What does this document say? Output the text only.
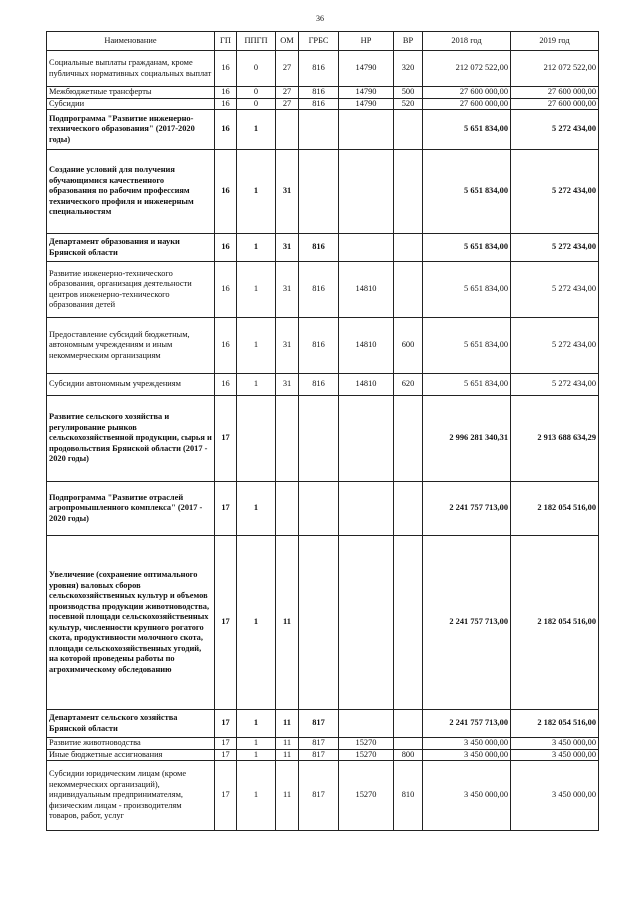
36
Наименование	ГП	ППГП	ОМ	ГРБС	НР	ВР	2018 год	2019 год
Социальные выплаты гражданам, кроме публичных нормативных социальных выплат	16	0	27	816	14790	320	212 072 522,00	212 072 522,00
Межбюджетные трансферты	16	0	27	816	14790	500	27 600 000,00	27 600 000,00
Субсидии	16	0	27	816	14790	520	27 600 000,00	27 600 000,00
Подпрограмма "Развитие инженерно-технического образования" (2017-2020 годы)	16	1					5 651 834,00	5 272 434,00
Создание условий для получения обучающимися качественного образования по рабочим профессиям технического профиля и инженерным специальностям	16	1	31				5 651 834,00	5 272 434,00
Департамент образования и науки Брянской области	16	1	31	816			5 651 834,00	5 272 434,00
Развитие инженерно-технического образования, организация деятельности центров инженерно-технического образования детей	16	1	31	816	14810		5 651 834,00	5 272 434,00
Предоставление субсидий бюджетным, автономным учреждениям и иным некоммерческим организациям	16	1	31	816	14810	600	5 651 834,00	5 272 434,00
Субсидии автономным учреждениям	16	1	31	816	14810	620	5 651 834,00	5 272 434,00
Развитие сельского хозяйства и регулирование рынков сельскохозяйственной продукции, сырья и продовольствия Брянской области (2017 - 2020 годы)	17						2 996 281 340,31	2 913 688 634,29
Подпрограмма "Развитие отраслей агропромышленного комплекса" (2017 - 2020 годы)	17	1					2 241 757 713,00	2 182 054 516,00
Увеличение (сохранение оптимального уровня) валовых сборов сельскохозяйственных культур и объемов производства продукции животноводства, посевной площади сельскохозяйственных культур, численности крупного рогатого скота, продуктивности молочного скота, площади сельскохозяйственных угодий, на которой проведены работы по агрохимическому обследованию	17	1	11				2 241 757 713,00	2 182 054 516,00
Департамент сельского хозяйства Брянской области	17	1	11	817			2 241 757 713,00	2 182 054 516,00
Развитие животноводства	17	1	11	817	15270		3 450 000,00	3 450 000,00
Иные бюджетные ассигнования	17	1	11	817	15270	800	3 450 000,00	3 450 000,00
Субсидии юридическим лицам (кроме некоммерческих организаций), индивидуальным предпринимателям, физическим лицам - производителям товаров, работ, услуг	17	1	11	817	15270	810	3 450 000,00	3 450 000,00
